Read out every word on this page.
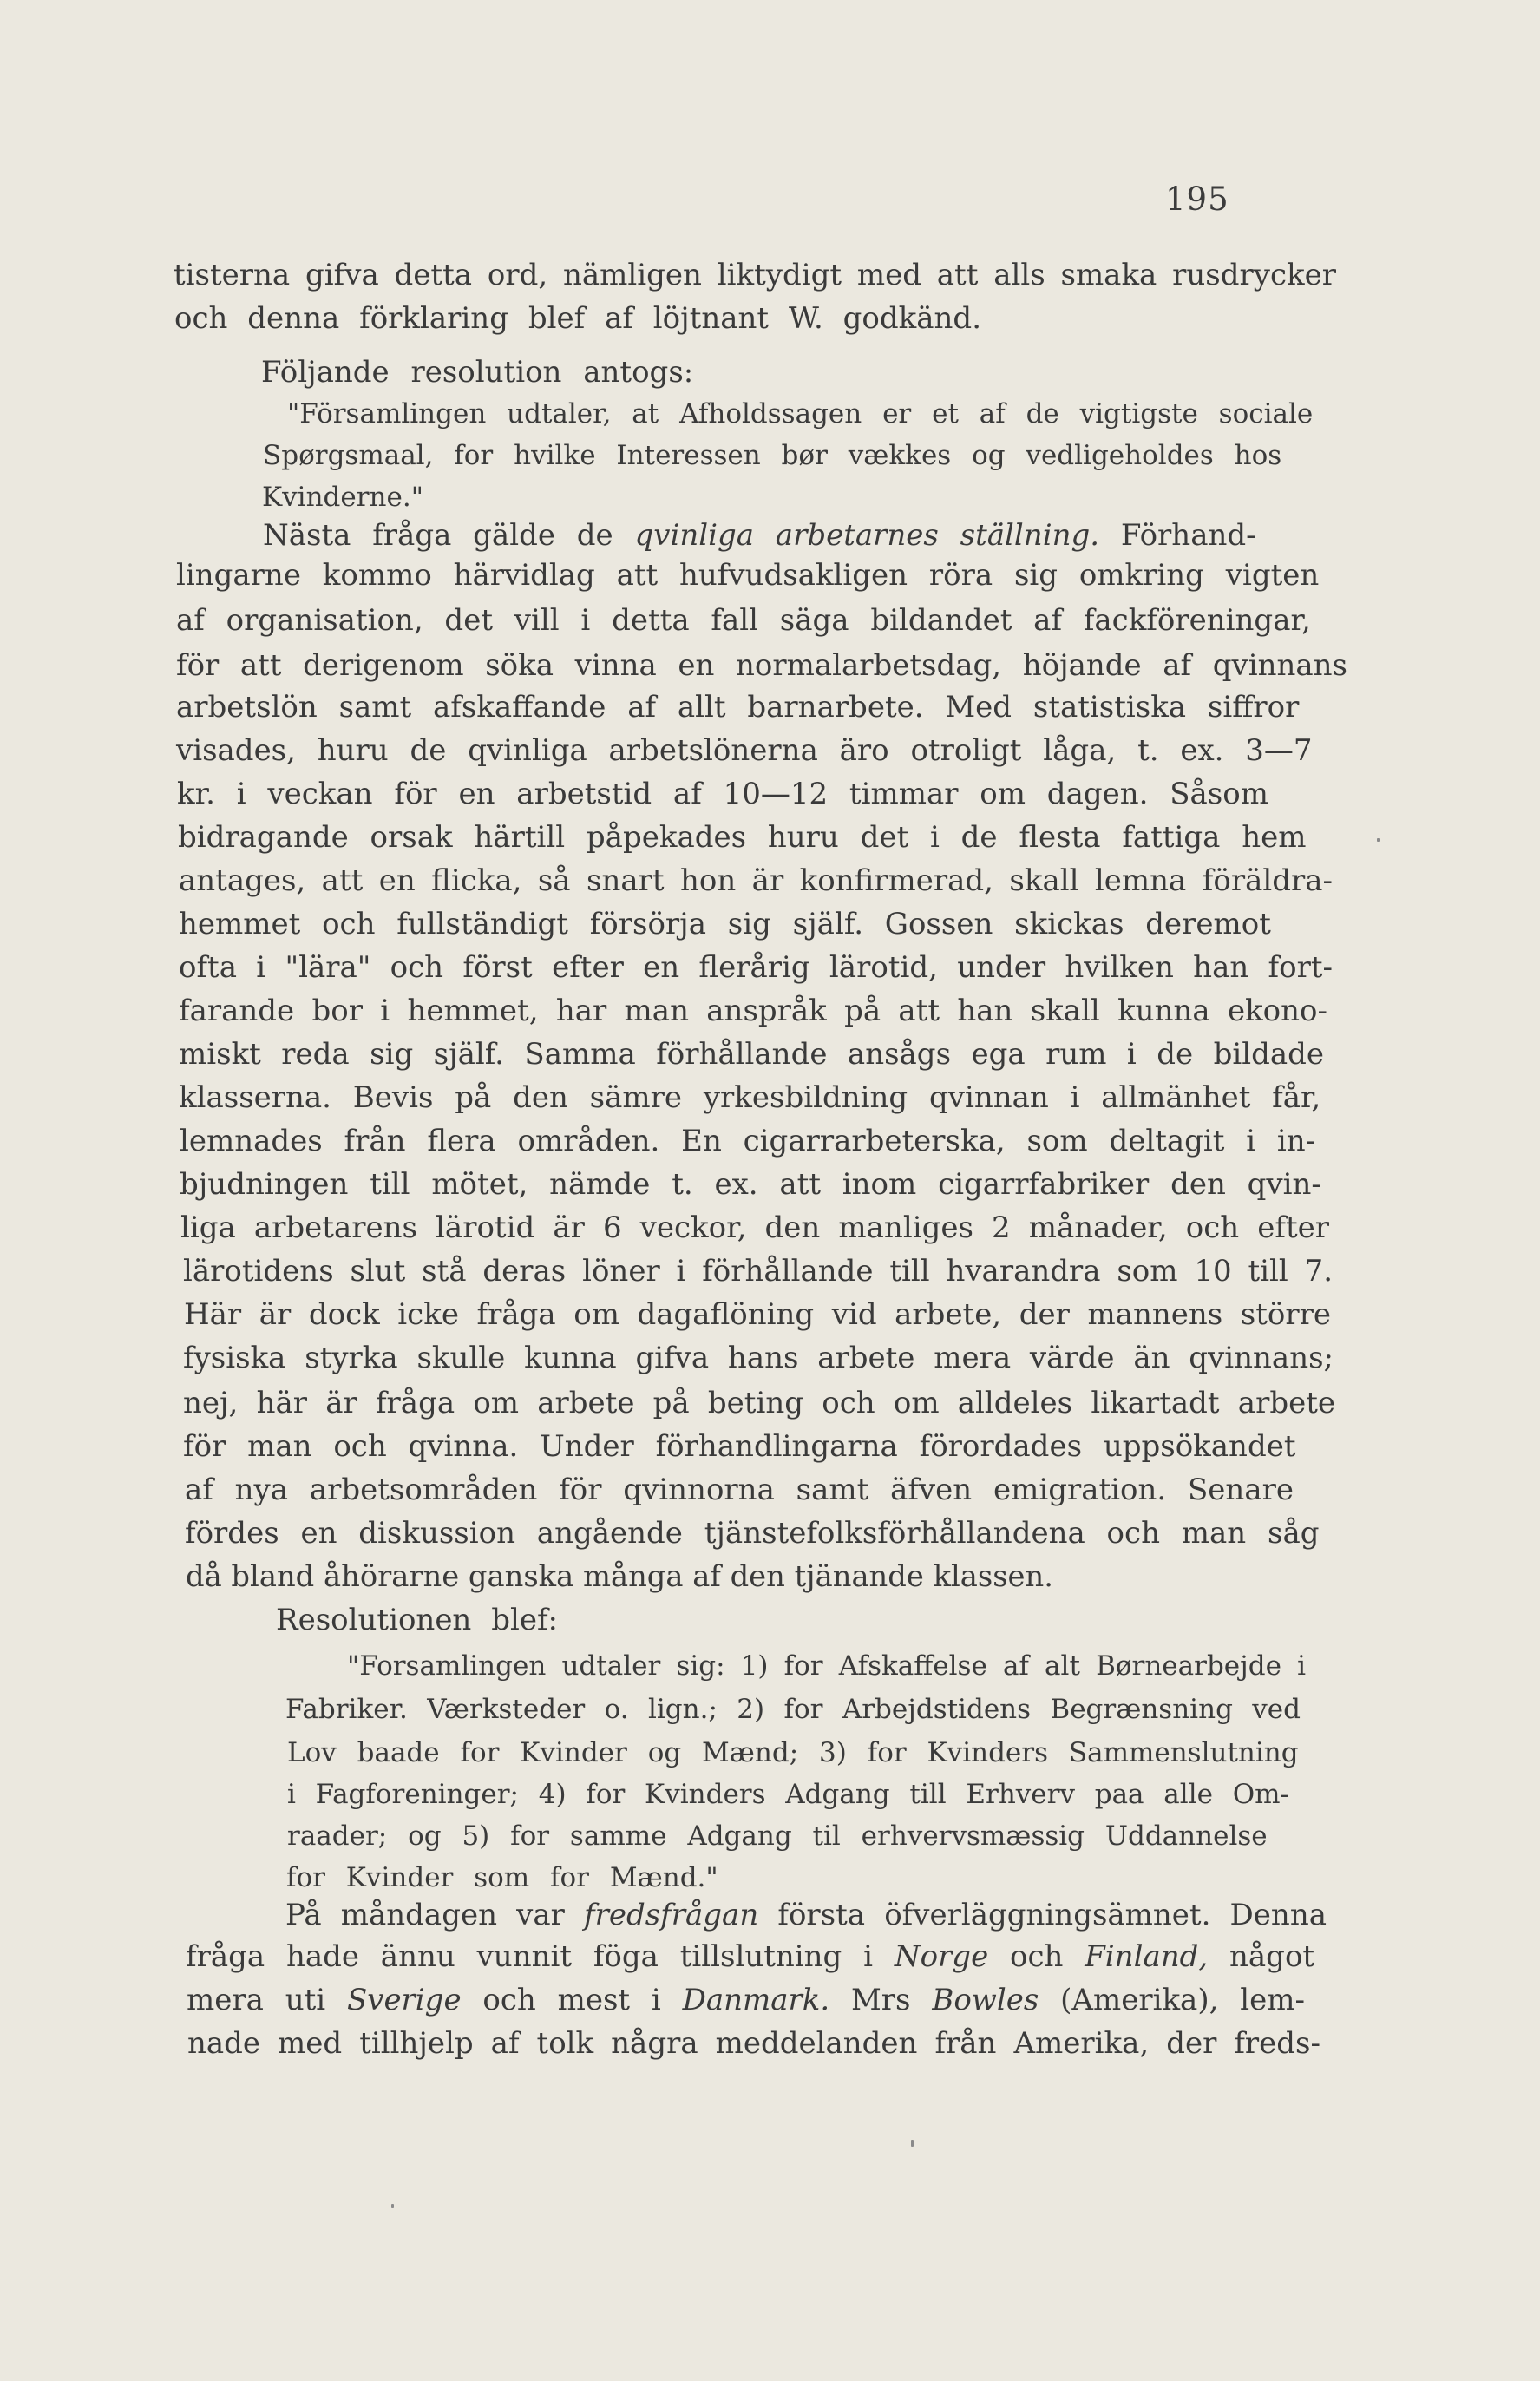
195
tisterna gifva detta ord, nämligen liktydigt med att alls smaka rusdrycker
och denna förklaring blef af löjtnant W. godkänd.
Följande resolution antogs:
"Församlingen udtaler, at Afholdssagen er et af de vigtigste sociale
Spørgsmaal, for hvilke Interessen bør vækkes og vedligeholdes hos
Kvinderne."
Nästa fråga gälde de qvinliga arbetarnes ställning. Förhand-
lingarne kommo härvidlag att hufvudsakligen röra sig omkring vigten
af organisation, det vill i detta fall säga bildandet af fackföreningar,
för att derigenom söka vinna en normalarbetsdag, höjande af qvinnans
arbetslön samt afskaffande af allt barnarbete. Med statistiska siffror
visades, huru de qvinliga arbetslönerna äro otroligt låga, t. ex. 3—7
kr. i veckan för en arbetstid af 10—12 timmar om dagen. Såsom
bidragande orsak härtill påpekades huru det i de flesta fattiga hem
antages, att en flicka, så snart hon är konfirmerad, skall lemna föräldra-
hemmet och fullständigt försörja sig själf. Gossen skickas deremot
ofta i "lära" och först efter en flerårig lärotid, under hvilken han fort-
farande bor i hemmet, har man anspråk på att han skall kunna ekono-
miskt reda sig själf. Samma förhållande ansågs ega rum i de bildade
klasserna. Bevis på den sämre yrkesbildning qvinnan i allmänhet får,
lemnades från flera områden. En cigarrarbeterska, som deltagit i in-
bjudningen till mötet, nämde t. ex. att inom cigarrfabriker den qvin-
liga arbetarens lärotid är 6 veckor, den manliges 2 månader, och efter
lärotidens slut stå deras löner i förhållande till hvarandra som 10 till 7.
Här är dock icke fråga om dagaflöning vid arbete, der mannens större
fysiska styrka skulle kunna gifva hans arbete mera värde än qvinnans;
nej, här är fråga om arbete på beting och om alldeles likartadt arbete
för man och qvinna. Under förhandlingarna förordades uppsökandet
af nya arbetsområden för qvinnorna samt äfven emigration. Senare
fördes en diskussion angående tjänstefolksförhållandena och man såg
då bland åhörarne ganska många af den tjänande klassen.
Resolutionen blef:
"Forsamlingen udtaler sig: 1) for Afskaffelse af alt Børnearbejde i
Fabriker. Værksteder o. lign.; 2) for Arbejdstidens Begrænsning ved
Lov baade for Kvinder og Mænd; 3) for Kvinders Sammenslutning
i Fagforeninger; 4) for Kvinders Adgang till Erhverv paa alle Om-
raader; og 5) for samme Adgang til erhvervsmæssig Uddannelse
for Kvinder som for Mænd."
På måndagen var fredsfrågan första öfverläggningsämnet. Denna
fråga hade ännu vunnit föga tillslutning i Norge och Finland, något
mera uti Sverige och mest i Danmark. Mrs Bowles (Amerika), lem-
nade med tillhjelp af tolk några meddelanden från Amerika, der freds-
